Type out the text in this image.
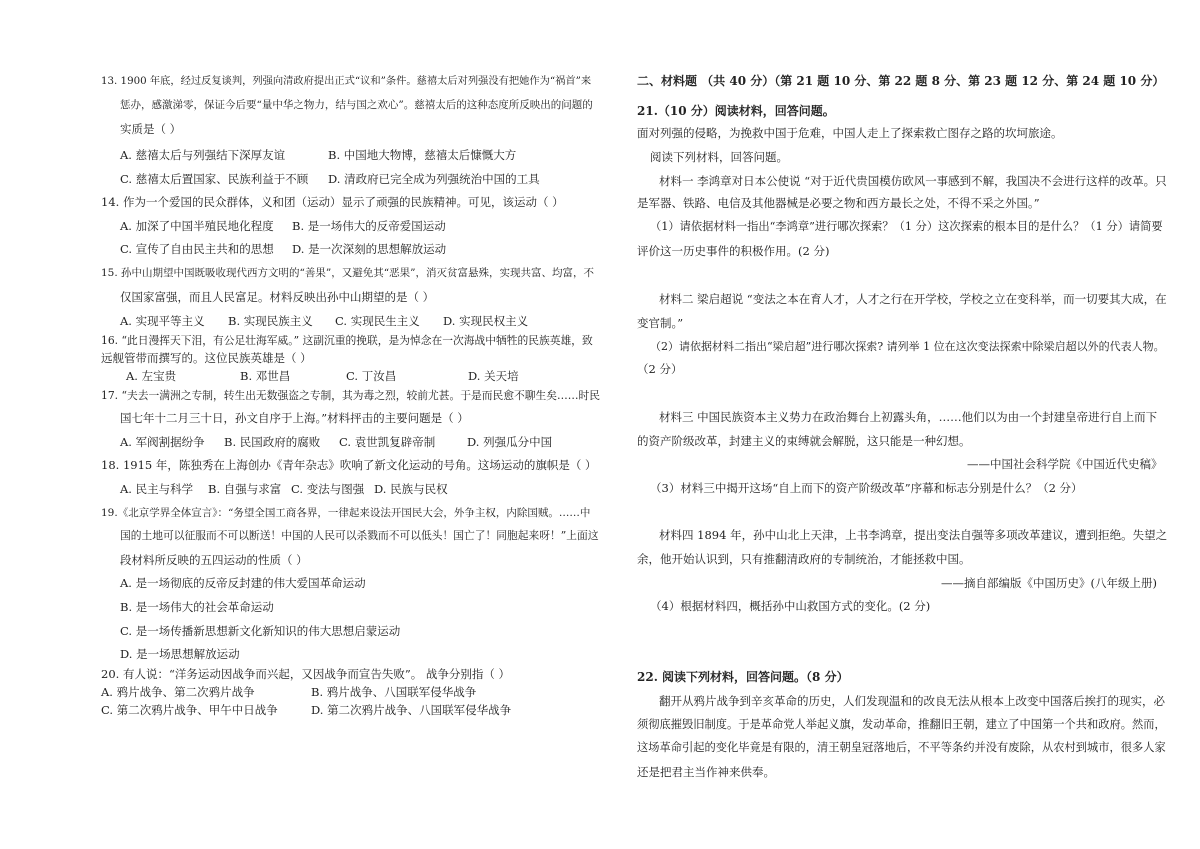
13. 1900 年底，经过反复谈判，列强向清政府提出正式“议和”条件。慈禧太后对列强没有把她作为“祸首”来
惩办，感激涕零，保证今后要“量中华之物力，结与国之欢心”。慈禧太后的这种态度所反映出的问题的
实质是（ ）
A. 慈禧太后与列强结下深厚友谊	B. 中国地大物博，慈禧太后慷慨大方
C. 慈禧太后置国家、民族利益于不顾 D. 清政府已完全成为列强统治中国的工具
14. 作为一个爱国的民众群体，义和团（运动）显示了顽强的民族精神。可见，该运动（ ）
A. 加深了中国半殖民地化程度 B. 是一场伟大的反帝爱国运动
C. 宣传了自由民主共和的思想 D. 是一次深刻的思想解放运动
15. 孙中山期望中国既吸收现代西方文明的“善果”，又避免其“恶果”，消灭贫富悬殊，实现共富、均富，不
仅国家富强，而且人民富足。材料反映出孙中山期望的是（ ）
A. 实现平等主义 B. 实现民族主义 C. 实现民生主义 D. 实现民权主义
16. “此日漫挥天下泪，有公足壮海军威。” 这副沉重的挽联，是为悼念在一次海战中牺牲的民族英雄，致
远舰管带而撰写的。这位民族英雄是（ ）
A. 左宝贵	B. 邓世昌	C. 丁汝昌	D. 关天培
17. “夫去一满洲之专制，转生出无数强盗之专制，其为毒之烈，较前尤甚。于是而民愈不聊生矣……时民
国七年十二月三十日，孙文自序于上海。”材料抨击的主要问题是（ ）
A. 军阀割据纷争 B. 民国政府的腐败 C. 袁世凯复辟帝制	D. 列强瓜分中国
18. 1915 年，陈独秀在上海创办《青年杂志》吹响了新文化运动的号角。这场运动的旗帜是（ ）
A. 民主与科学 B. 自强与求富 C. 变法与图强 D. 民族与民权
19.《北京学界全体宣言》：“务望全国工商各界，一律起来设法开国民大会，外争主权，内除国贼。……中
国的土地可以征服而不可以断送！中国的人民可以杀戮而不可以低头！国亡了！同胞起来呀！”上面这
段材料所反映的五四运动的性质（ ）
A. 是一场彻底的反帝反封建的伟大爱国革命运动
B. 是一场伟大的社会革命运动
C. 是一场传播新思想新文化新知识的伟大思想启蒙运动
D. 是一场思想解放运动
20. 有人说：“洋务运动因战争而兴起，又因战争而宣告失败”。 战争分别指（ ）
A. 鸦片战争、第二次鸦片战争	B. 鸦片战争、八国联军侵华战争
C. 第二次鸦片战争、甲午中日战争	D. 第二次鸦片战争、八国联军侵华战争
二、材料题 （共 40 分）（第 21 题 10 分、第 22 题 8 分、第 23 题 12 分、第 24 题 10 分）
21.（10 分）阅读材料，回答问题。
面对列强的侵略，为挽救中国于危难，中国人走上了探索救亡图存之路的坎坷旅途。
阅读下列材料，回答问题。
材料一 李鸿章对日本公使说 “对于近代贵国模仿欧风一事感到不解，我国决不会进行这样的改革。只
是军器、铁路、电信及其他器械是必要之物和西方最长之处，不得不采之外国。”
（1）请依据材料一指出“李鸿章”进行哪次探索？（1 分）这次探索的根本目的是什么？（1 分）请简要
评价这一历史事件的积极作用。(2 分)
材料二 梁启超说 “变法之本在育人才，人才之行在开学校，学校之立在变科举，而一切要其大成，在
变官制。”
（2）请依据材料二指出“梁启超”进行哪次探索? 请列举 1 位在这次变法探索中除梁启超以外的代表人物。
（2 分）
材料三 中国民族资本主义势力在政治舞台上初露头角，……他们以为由一个封建皇帝进行自上而下
的资产阶级改革，封建主义的束缚就会解脱，这只能是一种幻想。
——中国社会科学院《中国近代史稿》
（3）材料三中揭开这场“自上而下的资产阶级改革”序幕和标志分别是什么？（2 分）
材料四 1894 年，孙中山北上天津，上书李鸿章，提出变法自强等多项改革建议，遭到拒绝。失望之
余，他开始认识到，只有推翻清政府的专制统治，才能拯救中国。
——摘自部编版《中国历史》(八年级上册)
（4）根据材料四，概括孙中山救国方式的变化。(2 分)
22. 阅读下列材料，回答问题。（8 分）
翻开从鸦片战争到辛亥革命的历史，人们发现温和的改良无法从根本上改变中国落后挨打的现实，必
须彻底摧毁旧制度。于是革命党人举起义旗，发动革命，推翻旧王朝，建立了中国第一个共和政府。然而，
这场革命引起的变化毕竟是有限的，清王朝皇冠落地后，不平等条约并没有废除，从农村到城市，很多人家
还是把君主当作神来供奉。
